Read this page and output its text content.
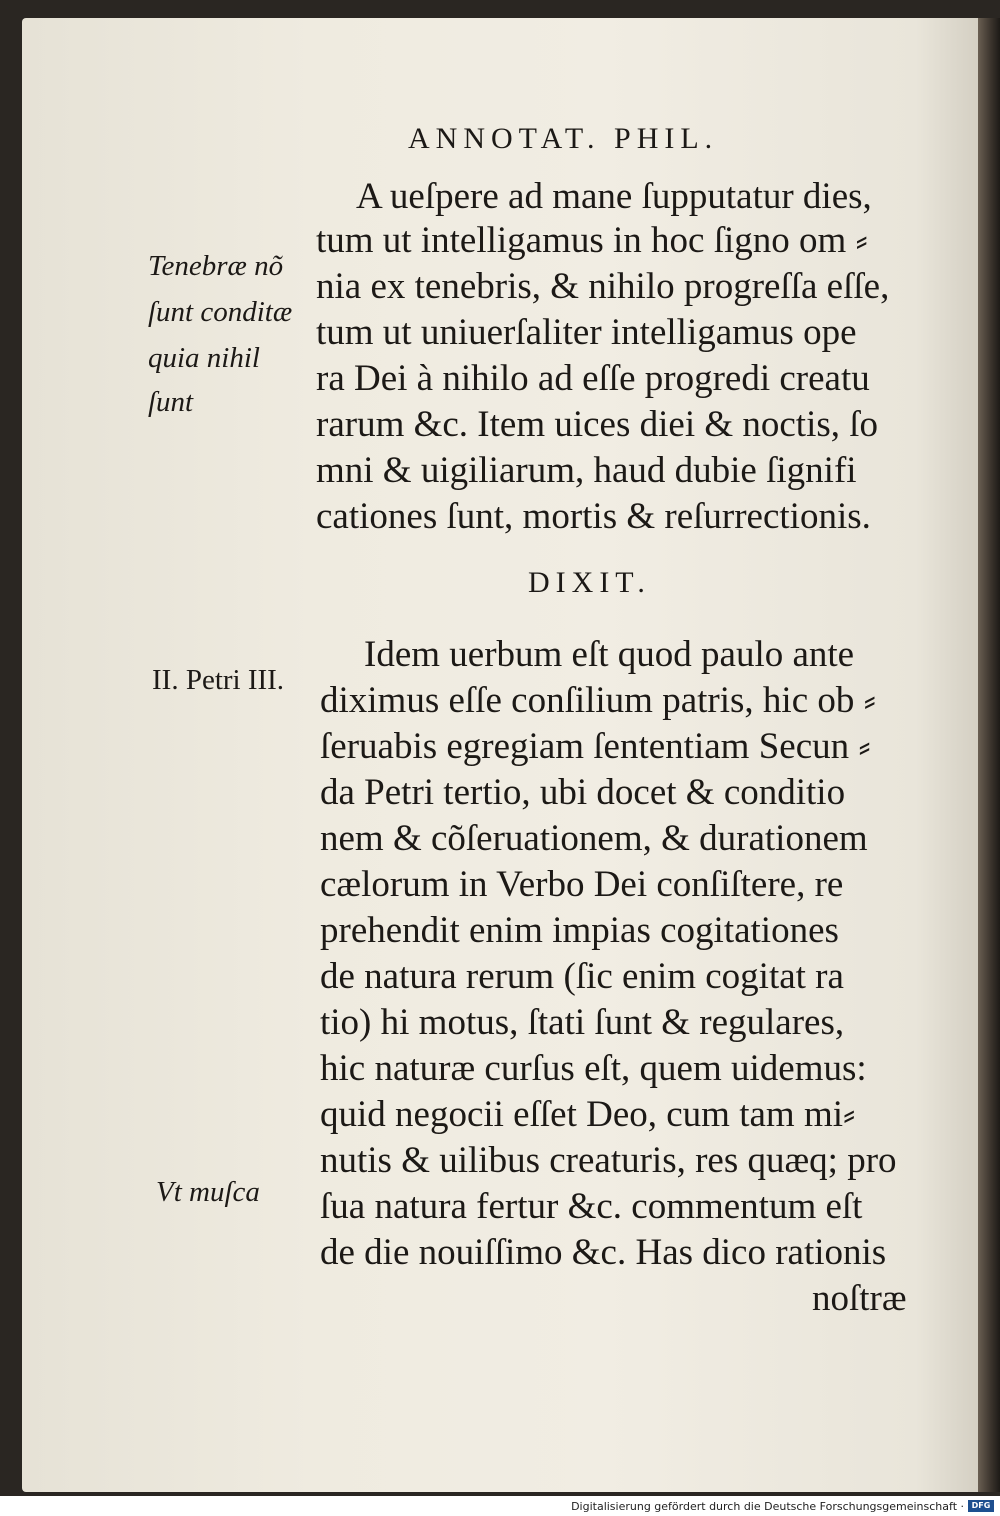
ANNOTAT. PHIL.
A ueſpere ad mane ſupputatur dies,
tum ut intelligamus in hoc ſigno om ⸗
nia ex tenebris, & nihilo progreſſa eſſe,
tum ut uniuerſaliter intelligamus ope
ra Dei à nihilo ad eſſe progredi creatu
rarum &c. Item uices diei & noctis, ſo
mni & uigiliarum, haud dubie ſignifi
cationes ſunt, mortis & reſurrectionis.
DIXIT.
Idem uerbum eſt quod paulo ante
diximus eſſe conſilium patris, hic ob ⸗
ſeruabis egregiam ſententiam Secun ⸗
da Petri tertio, ubi docet & conditio
nem & cõſeruationem, & durationem
cælorum in Verbo Dei conſiſtere, re
prehendit enim impias cogitationes
de natura rerum (ſic enim cogitat ra
tio) hi motus, ſtati ſunt & regulares,
hic naturæ curſus eſt, quem uidemus:
quid negocii eſſet Deo, cum tam mi⸗
nutis & uilibus creaturis, res quæq; pro
ſua natura fertur &c. commentum eſt
de die nouiſſimo &c. Has dico rationis
noſtræ
Tenebræ nõ
ſunt conditæ
quia nihil
ſunt
II. Petri III.
Vt muſca
Digitalisierung gefördert durch die Deutsche Forschungsgemeinschaft · DFG
